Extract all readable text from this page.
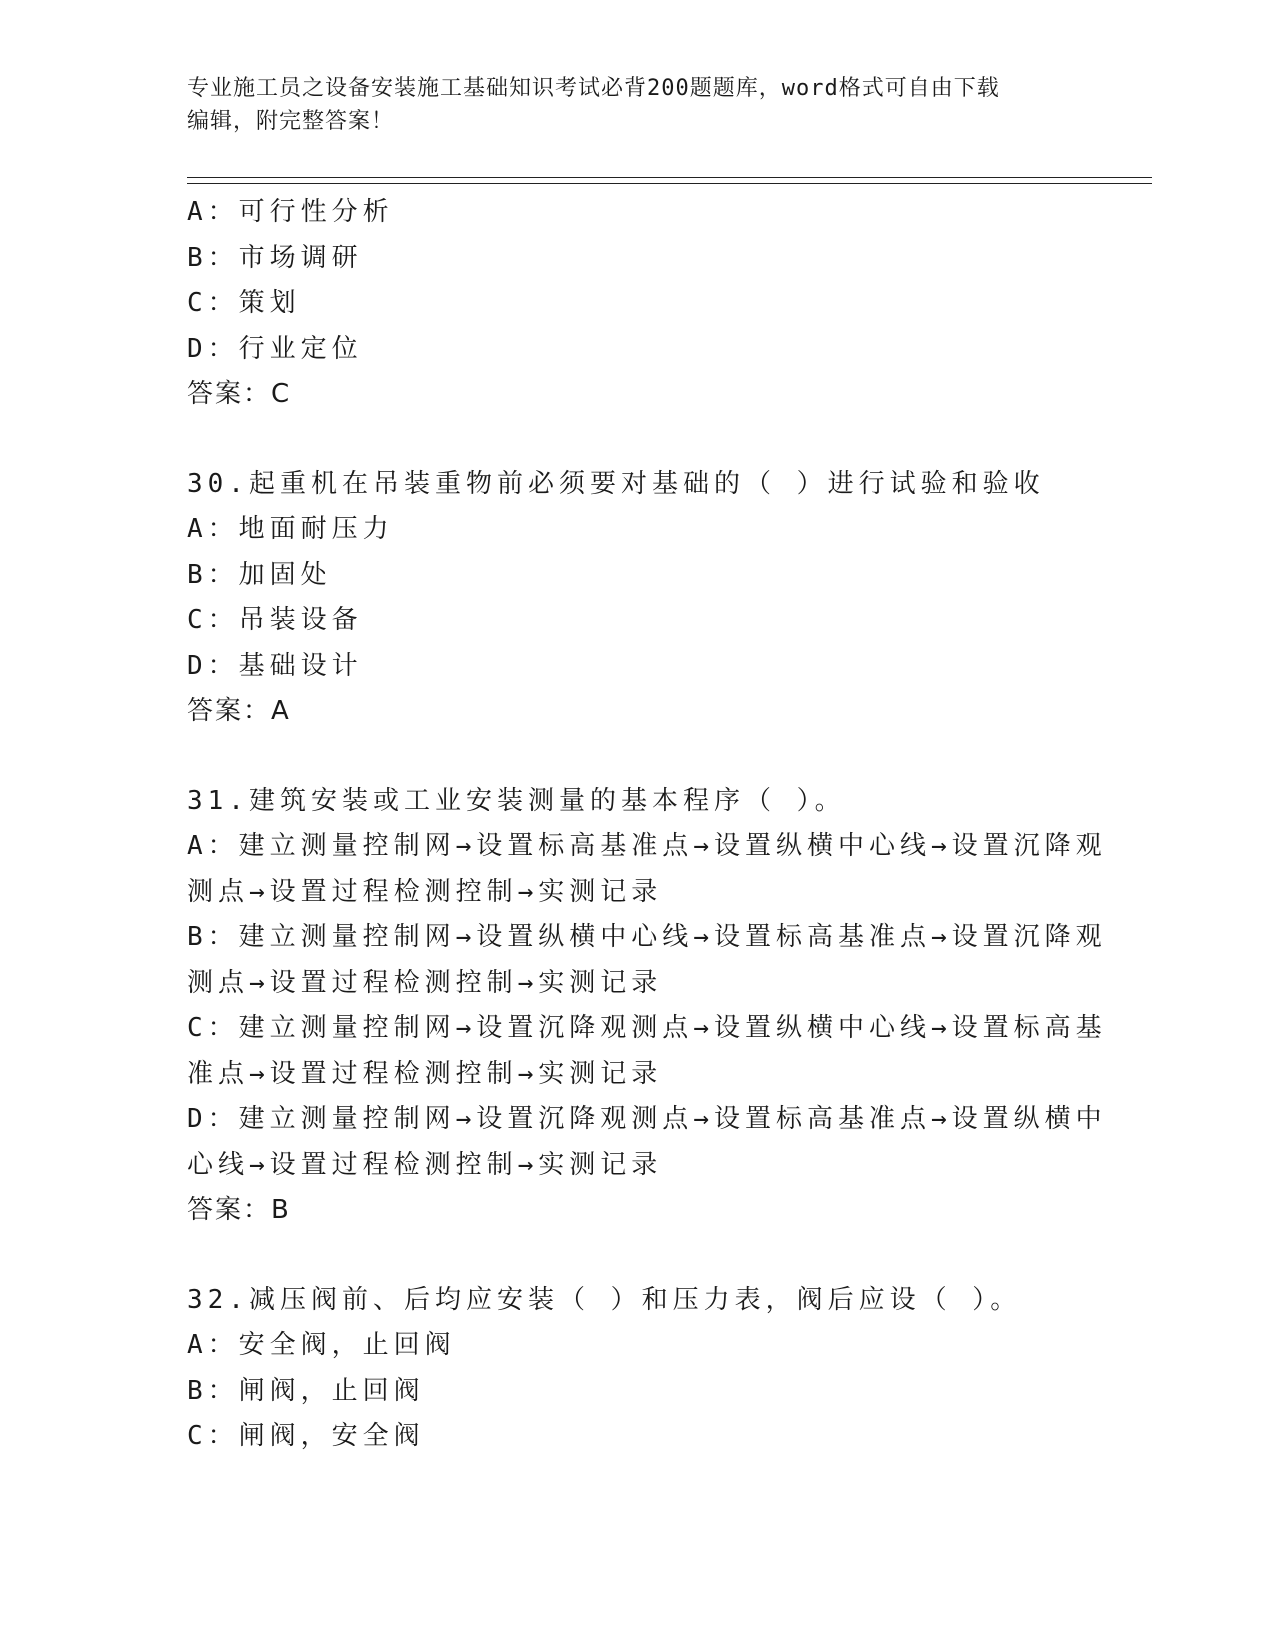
专业施工员之设备安装施工基础知识考试必背200题题库，word格式可自由下载
编辑，附完整答案！
A：可行性分析
B：市场调研
C：策划
D：行业定位
答案：C
30.起重机在吊装重物前必须要对基础的（ ）进行试验和验收
A：地面耐压力
B：加固处
C：吊装设备
D：基础设计
答案：A
31.建筑安装或工业安装测量的基本程序（ ）。
A：建立测量控制网→设置标高基准点→设置纵横中心线→设置沉降观
测点→设置过程检测控制→实测记录
B：建立测量控制网→设置纵横中心线→设置标高基准点→设置沉降观
测点→设置过程检测控制→实测记录
C：建立测量控制网→设置沉降观测点→设置纵横中心线→设置标高基
准点→设置过程检测控制→实测记录
D：建立测量控制网→设置沉降观测点→设置标高基准点→设置纵横中
心线→设置过程检测控制→实测记录
答案：B
32.减压阀前、后均应安装（ ）和压力表，阀后应设（ ）。
A：安全阀，止回阀
B：闸阀，止回阀
C：闸阀，安全阀
